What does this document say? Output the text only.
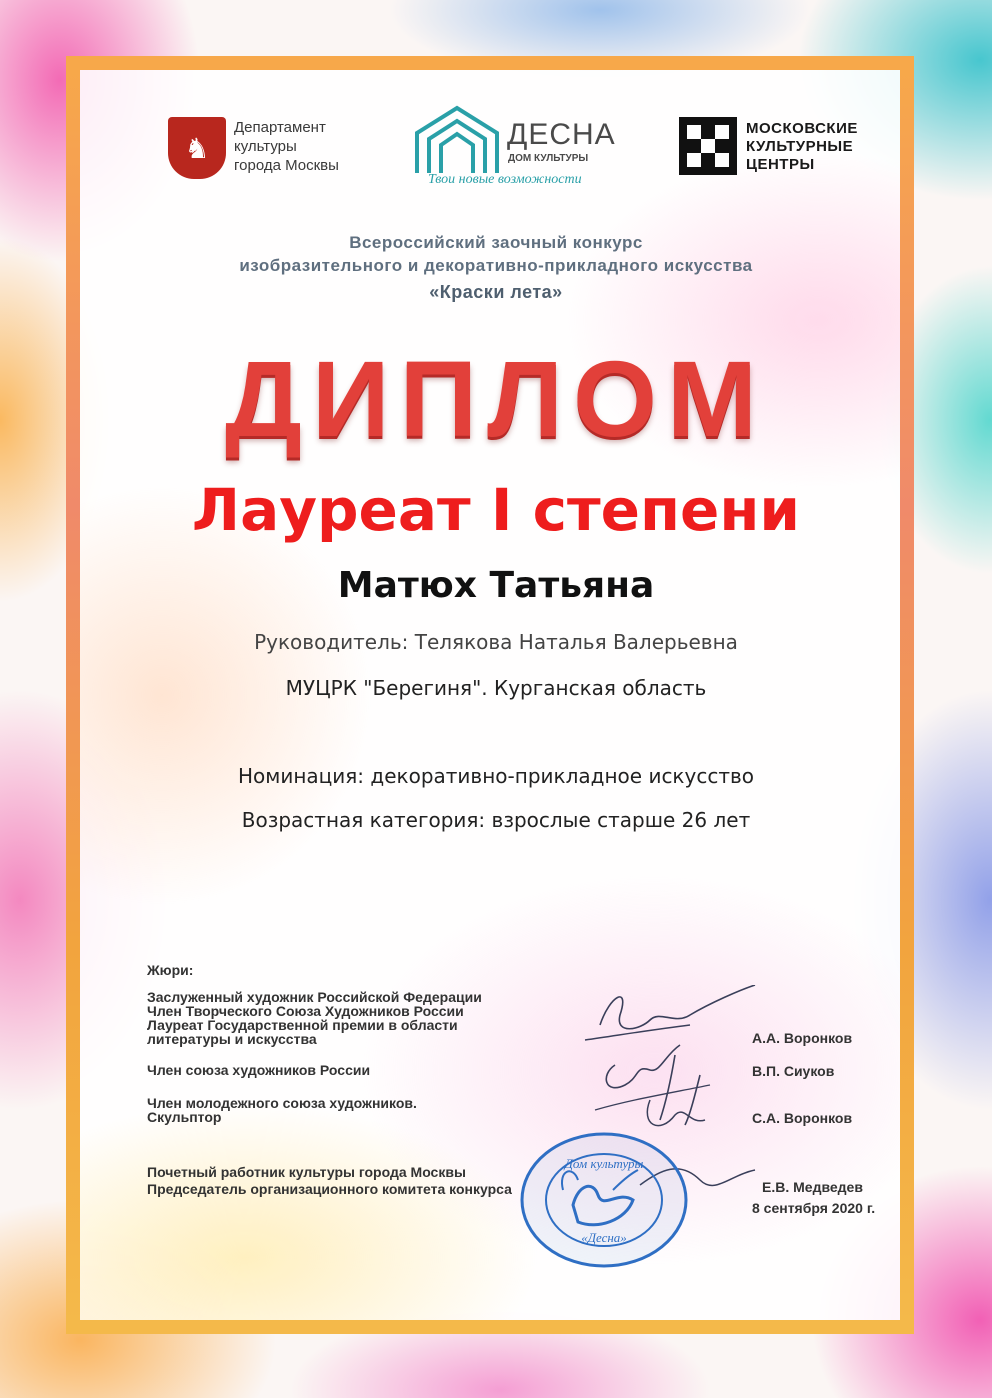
♞
Департамент
культуры
города Москвы
ДЕСНА
ДОМ КУЛЬТУРЫ
Твои новые возможности
МОСКОВСКИЕ
КУЛЬТУРНЫЕ
ЦЕНТРЫ
Всероссийский заочный конкурс
изобразительного и декоративно-прикладного искусства
«Краски лета»
ДИПЛОМ
Лауреат I степени
Матюх Татьяна
Руководитель: Телякова Наталья Валерьевна
МУЦРК "Берегиня". Курганская область
Номинация: декоративно-прикладное искусство
Возрастная категория: взрослые старше 26 лет
Жюри:
Заслуженный художник Российской Федерации
Член Творческого Союза Художников России
Лауреат Государственной премии в области
литературы и искусства
Член союза художников России
Член молодежного союза художников.
Скульптор
Почетный работник культуры города Москвы
Председатель организационного комитета конкурса
Дом культуры
«Десна»
А.А. Воронков
В.П. Сиуков
С.А. Воронков
Е.В. Медведев
8 сентября 2020 г.
